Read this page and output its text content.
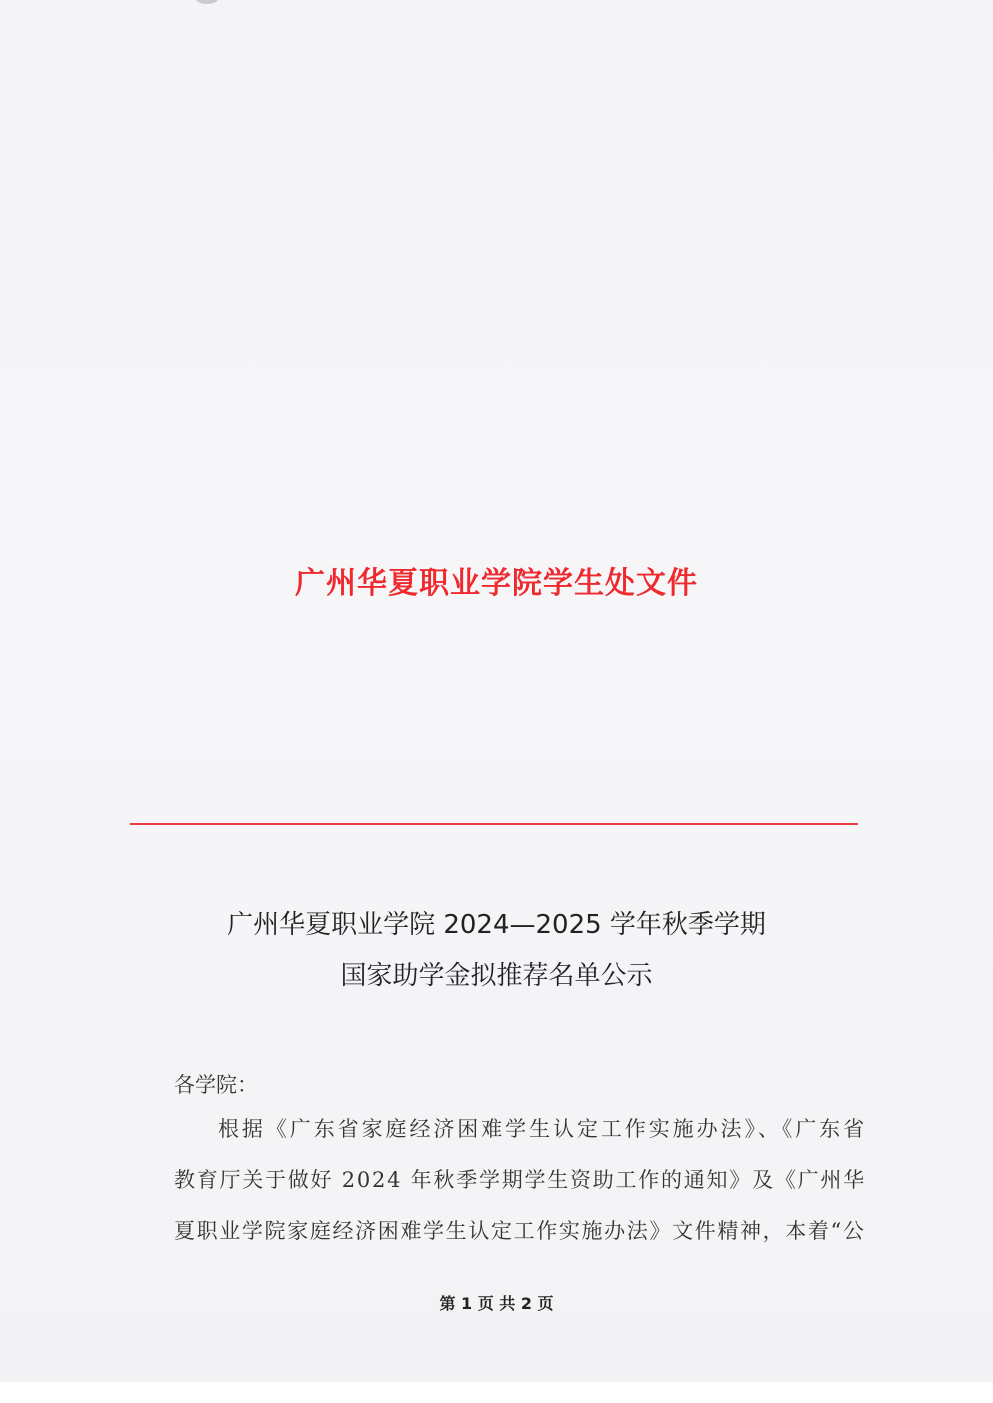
广州华夏职业学院学生处文件
广州华夏职业学院 2024—2025 学年秋季学期
国家助学金拟推荐名单公示
各学院：
根据《广东省家庭经济困难学生认定工作实施办法》、《广东省
教育厅关于做好 2024 年秋季学期学生资助工作的通知》及《广州华
夏职业学院家庭经济困难学生认定工作实施办法》文件精神，本着“公
第 1 页 共 2 页
